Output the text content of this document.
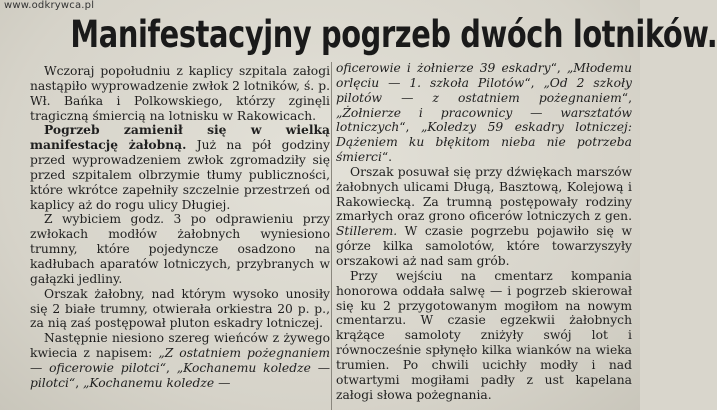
www.odkrywca.pl
Manifestacyjny pogrzeb dwóch lotników.

Wczoraj popołudniu z kaplicy szpitala załogi nastąpiło wyprowadzenie zwłok 2 lotników, ś. p. Wł. Bańka i Polkowskiego, którzy zginęli tragiczną śmiercią na lotnisku w Rakowicach.

Pogrzeb zamienił się w wielką manifestację żałobną. Już na pół godziny przed wyprowadzeniem zwłok zgromadziły się przed szpitalem olbrzymie tłumy publiczności, które wkrótce zapełniły szczelnie przestrzeń od kaplicy aż do rogu ulicy Długiej.

Z wybiciem godz. 3 po odprawieniu przy zwłokach modłów żałobnych wyniesiono trumny, które pojedyncze osadzono na kadłubach aparatów lotniczych, przybranych w gałązki jedliny.

Orszak żałobny, nad którym wysoko unosiły się 2 białe trumny, otwierała orkiestra 20 p. p., za nią zaś postępował pluton eskadry lotniczej.

Następnie niesiono szereg wieńców z żywego kwiecia z napisem: „Z ostatniem pożegnaniem — oficerowie pilotci“, „Kochanemu koledze — pilotci“, „Kochanemu koledze —

oficerowie i żołnierze 39 eskadry“, „Młodemu orlęciu — 1. szkoła Pilotów“, „Od 2 szkoły pilotów — z ostatniem pożegnaniem“, „Żołnierze i pracownicy — warsztatów lotniczych“, „Koledzy 59 eskadry lotniczej: Dążeniem ku błękitom nieba nie potrzeba śmierci“.

Orszak posuwał się przy dźwiękach marszów żałobnych ulicami Długą, Basztową, Kolejową i Rakowiecką. Za trumną postępowały rodziny zmarłych oraz grono oficerów lotniczych z gen. Stillerem. W czasie pogrzebu pojawiło się w górze kilka samolotów, które towarzyszyły orszakowi aż nad sam grób.

Przy wejściu na cmentarz kompania honorowa oddała salwę — i pogrzeb skierował się ku 2 przygotowanym mogiłom na nowym cmentarzu. W czasie egzekwii żałobnych krążące samoloty zniżyły swój lot i równocześnie spłynęło kilka wianków na wieka trumien. Po chwili ucichły modły i nad otwartymi mogiłami padły z ust kapelana załogi słowa pożegnania.
